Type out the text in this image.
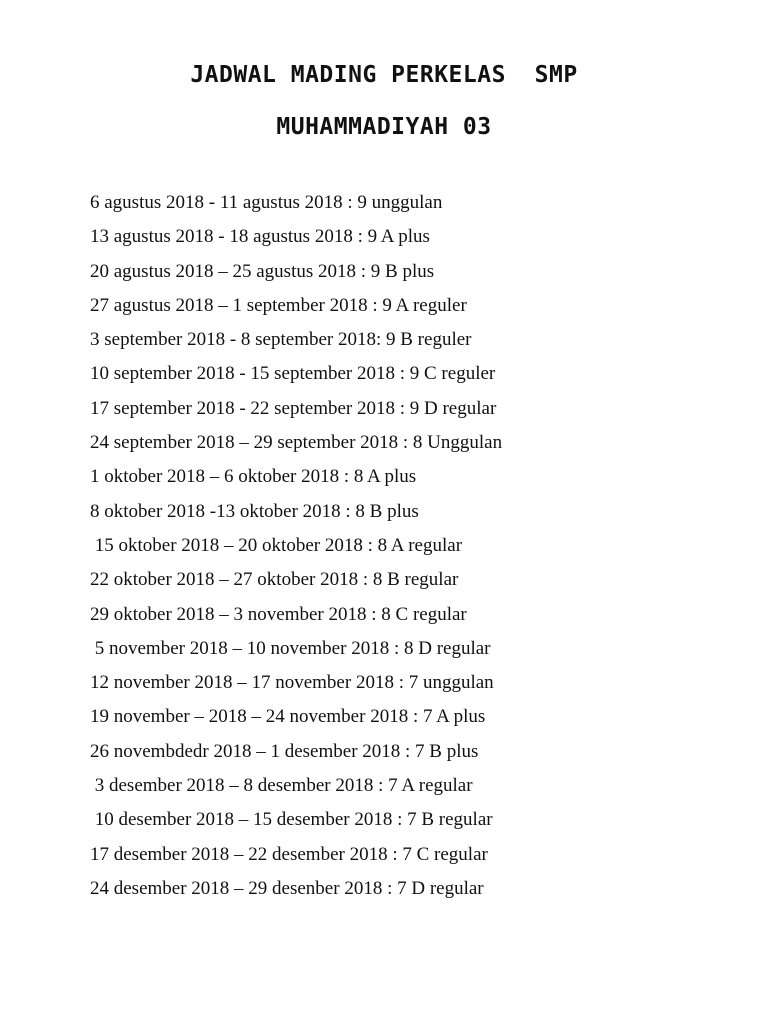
JADWAL MADING PERKELAS  SMP
MUHAMMADIYAH 03
6 agustus 2018 - 11 agustus 2018 : 9 unggulan
13 agustus 2018 - 18 agustus 2018 : 9 A plus
20 agustus 2018 – 25 agustus 2018 : 9 B plus
27 agustus 2018 – 1 september 2018 : 9 A reguler
3 september 2018 - 8 september 2018: 9 B reguler
10 september 2018 - 15 september 2018 : 9 C reguler
17 september 2018 - 22 september 2018 : 9 D regular
24 september 2018 – 29 september 2018 : 8 Unggulan
1 oktober 2018 – 6 oktober 2018 : 8 A plus
8 oktober 2018 -13 oktober 2018 : 8 B plus
15 oktober 2018 – 20 oktober 2018 : 8 A regular
22 oktober 2018 – 27 oktober 2018 : 8 B regular
29 oktober 2018 – 3 november 2018 : 8 C regular
5 november 2018 – 10 november 2018 : 8 D regular
12 november 2018 – 17 november 2018 : 7 unggulan
19 november – 2018 – 24 november 2018 : 7 A plus
26 novembdedr 2018 – 1 desember 2018 : 7 B plus
3 desember 2018 – 8 desember 2018 : 7 A regular
10 desember 2018 – 15 desember 2018 : 7 B regular
17 desember 2018 – 22 desember 2018 : 7 C regular
24 desember 2018 – 29 desenber 2018 : 7 D regular
